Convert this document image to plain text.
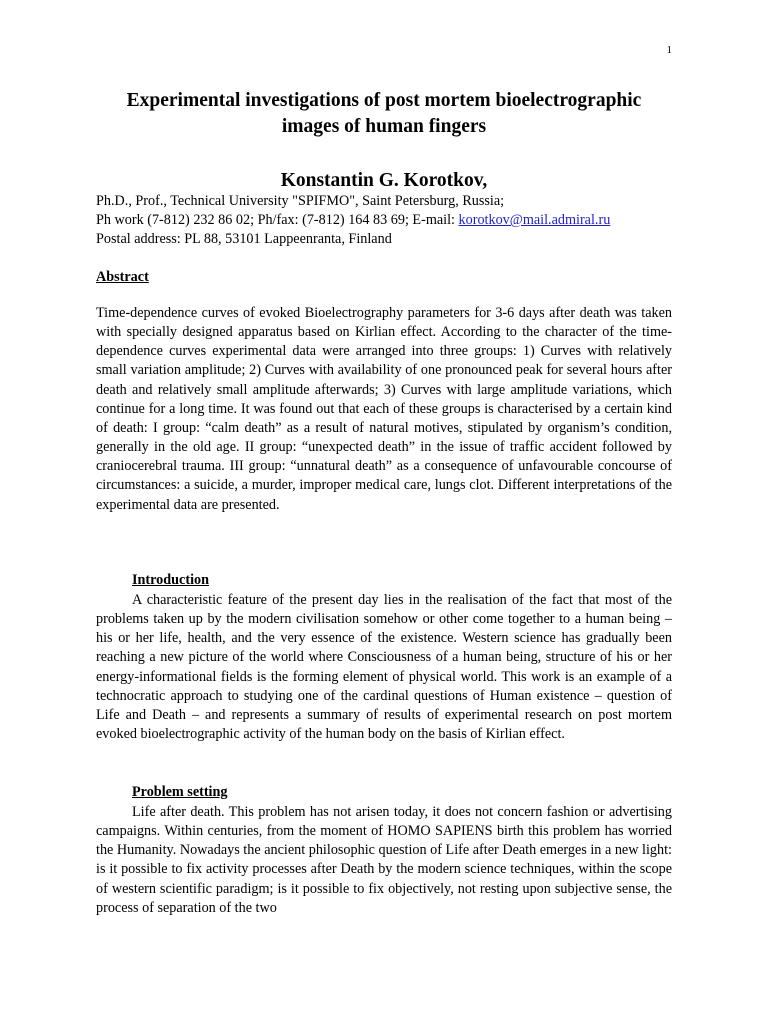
1
Experimental investigations of post mortem bioelectrographic images of human fingers
Konstantin G. Korotkov,
Ph.D., Prof., Technical University "SPIFMO", Saint Petersburg, Russia;
Ph work (7-812) 232 86 02; Ph/fax: (7-812) 164 83 69; E-mail: korotkov@mail.admiral.ru
Postal address: PL 88, 53101 Lappeenranta, Finland
Abstract

Time-dependence curves of evoked Bioelectrography parameters for 3-6 days after death was taken with specially designed apparatus based on Kirlian effect. According to the character of the time-dependence curves experimental data were arranged into three groups: 1) Curves with relatively small variation amplitude; 2) Curves with availability of one pronounced peak for several hours after death and relatively small amplitude afterwards; 3) Curves with large amplitude variations, which continue for a long time. It was found out that each of these groups is characterised by a certain kind of death: I group: “calm death” as a result of natural motives, stipulated by organism’s condition, generally in the old age. II group: “unexpected death” in the issue of traffic accident followed by craniocerebral trauma. III group: “unnatural death” as a consequence of unfavourable concourse of circumstances: a suicide, a murder, improper medical care, lungs clot. Different interpretations of the experimental data are presented.

Introduction

A characteristic feature of the present day lies in the realisation of the fact that most of the problems taken up by the modern civilisation somehow or other come together to a human being – his or her life, health, and the very essence of the existence. Western science has gradually been reaching a new picture of the world where Consciousness of a human being, structure of his or her energy-informational fields is the forming element of physical world. This work is an example of a technocratic approach to studying one of the cardinal questions of Human existence – question of Life and Death – and represents a summary of results of experimental research on post mortem evoked bioelectrographic activity of the human body on the basis of Kirlian effect.

Problem setting

Life after death. This problem has not arisen today, it does not concern fashion or advertising campaigns. Within centuries, from the moment of HOMO SAPIENS birth this problem has worried the Humanity. Nowadays the ancient philosophic question of Life after Death emerges in a new light: is it possible to fix activity processes after Death by the modern science techniques, within the scope of western scientific paradigm; is it possible to fix objectively, not resting upon subjective sense, the process of separation of the two
